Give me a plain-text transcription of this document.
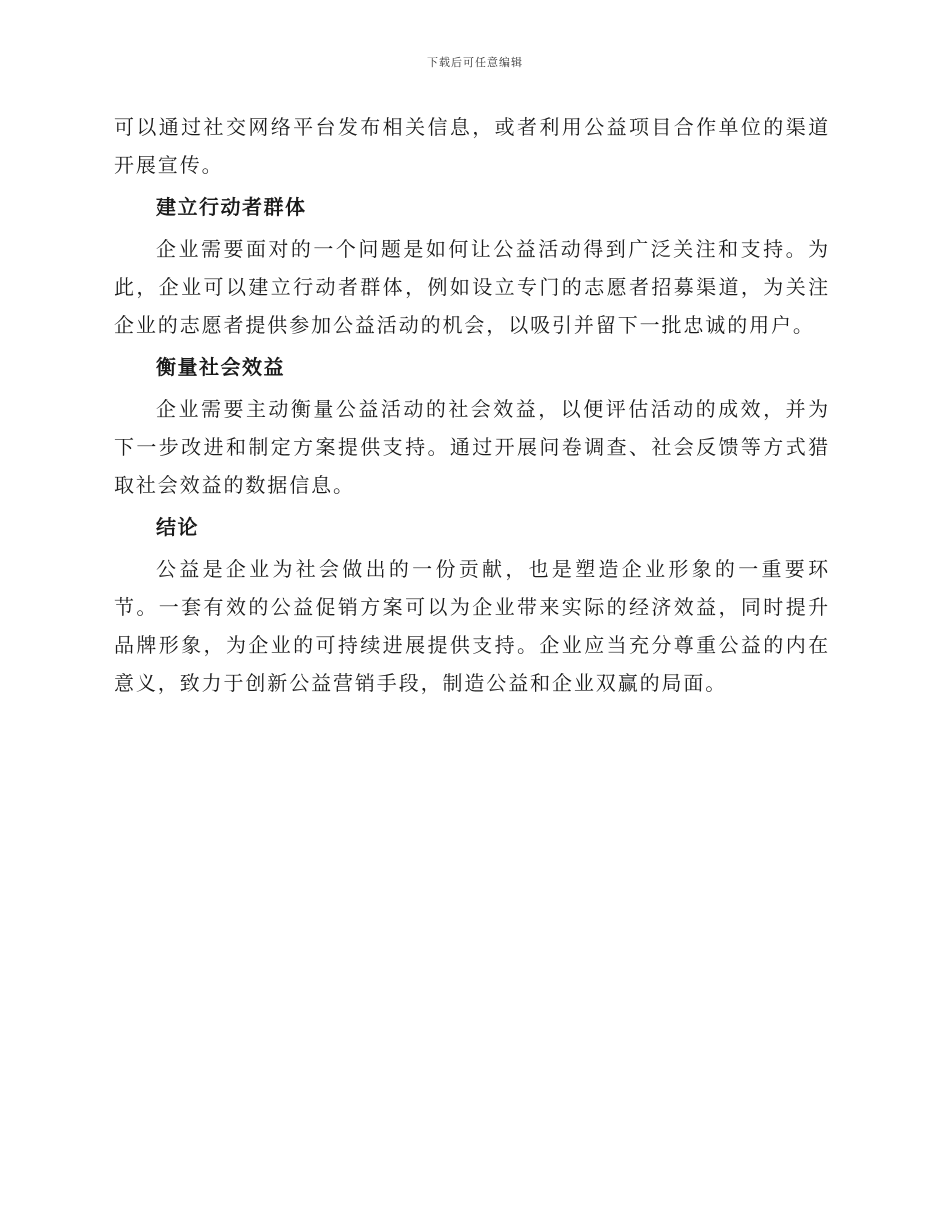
下载后可任意编辑

可以通过社交网络平台发布相关信息，或者利用公益项目合作单位的渠道开展宣传。

建立行动者群体

企业需要面对的一个问题是如何让公益活动得到广泛关注和支持。为此，企业可以建立行动者群体，例如设立专门的志愿者招募渠道，为关注企业的志愿者提供参加公益活动的机会，以吸引并留下一批忠诚的用户。

衡量社会效益

企业需要主动衡量公益活动的社会效益，以便评估活动的成效，并为下一步改进和制定方案提供支持。通过开展问卷调查、社会反馈等方式猎取社会效益的数据信息。

结论

公益是企业为社会做出的一份贡献，也是塑造企业形象的一重要环节。一套有效的公益促销方案可以为企业带来实际的经济效益，同时提升品牌形象，为企业的可持续进展提供支持。企业应当充分尊重公益的内在意义，致力于创新公益营销手段，制造公益和企业双赢的局面。
